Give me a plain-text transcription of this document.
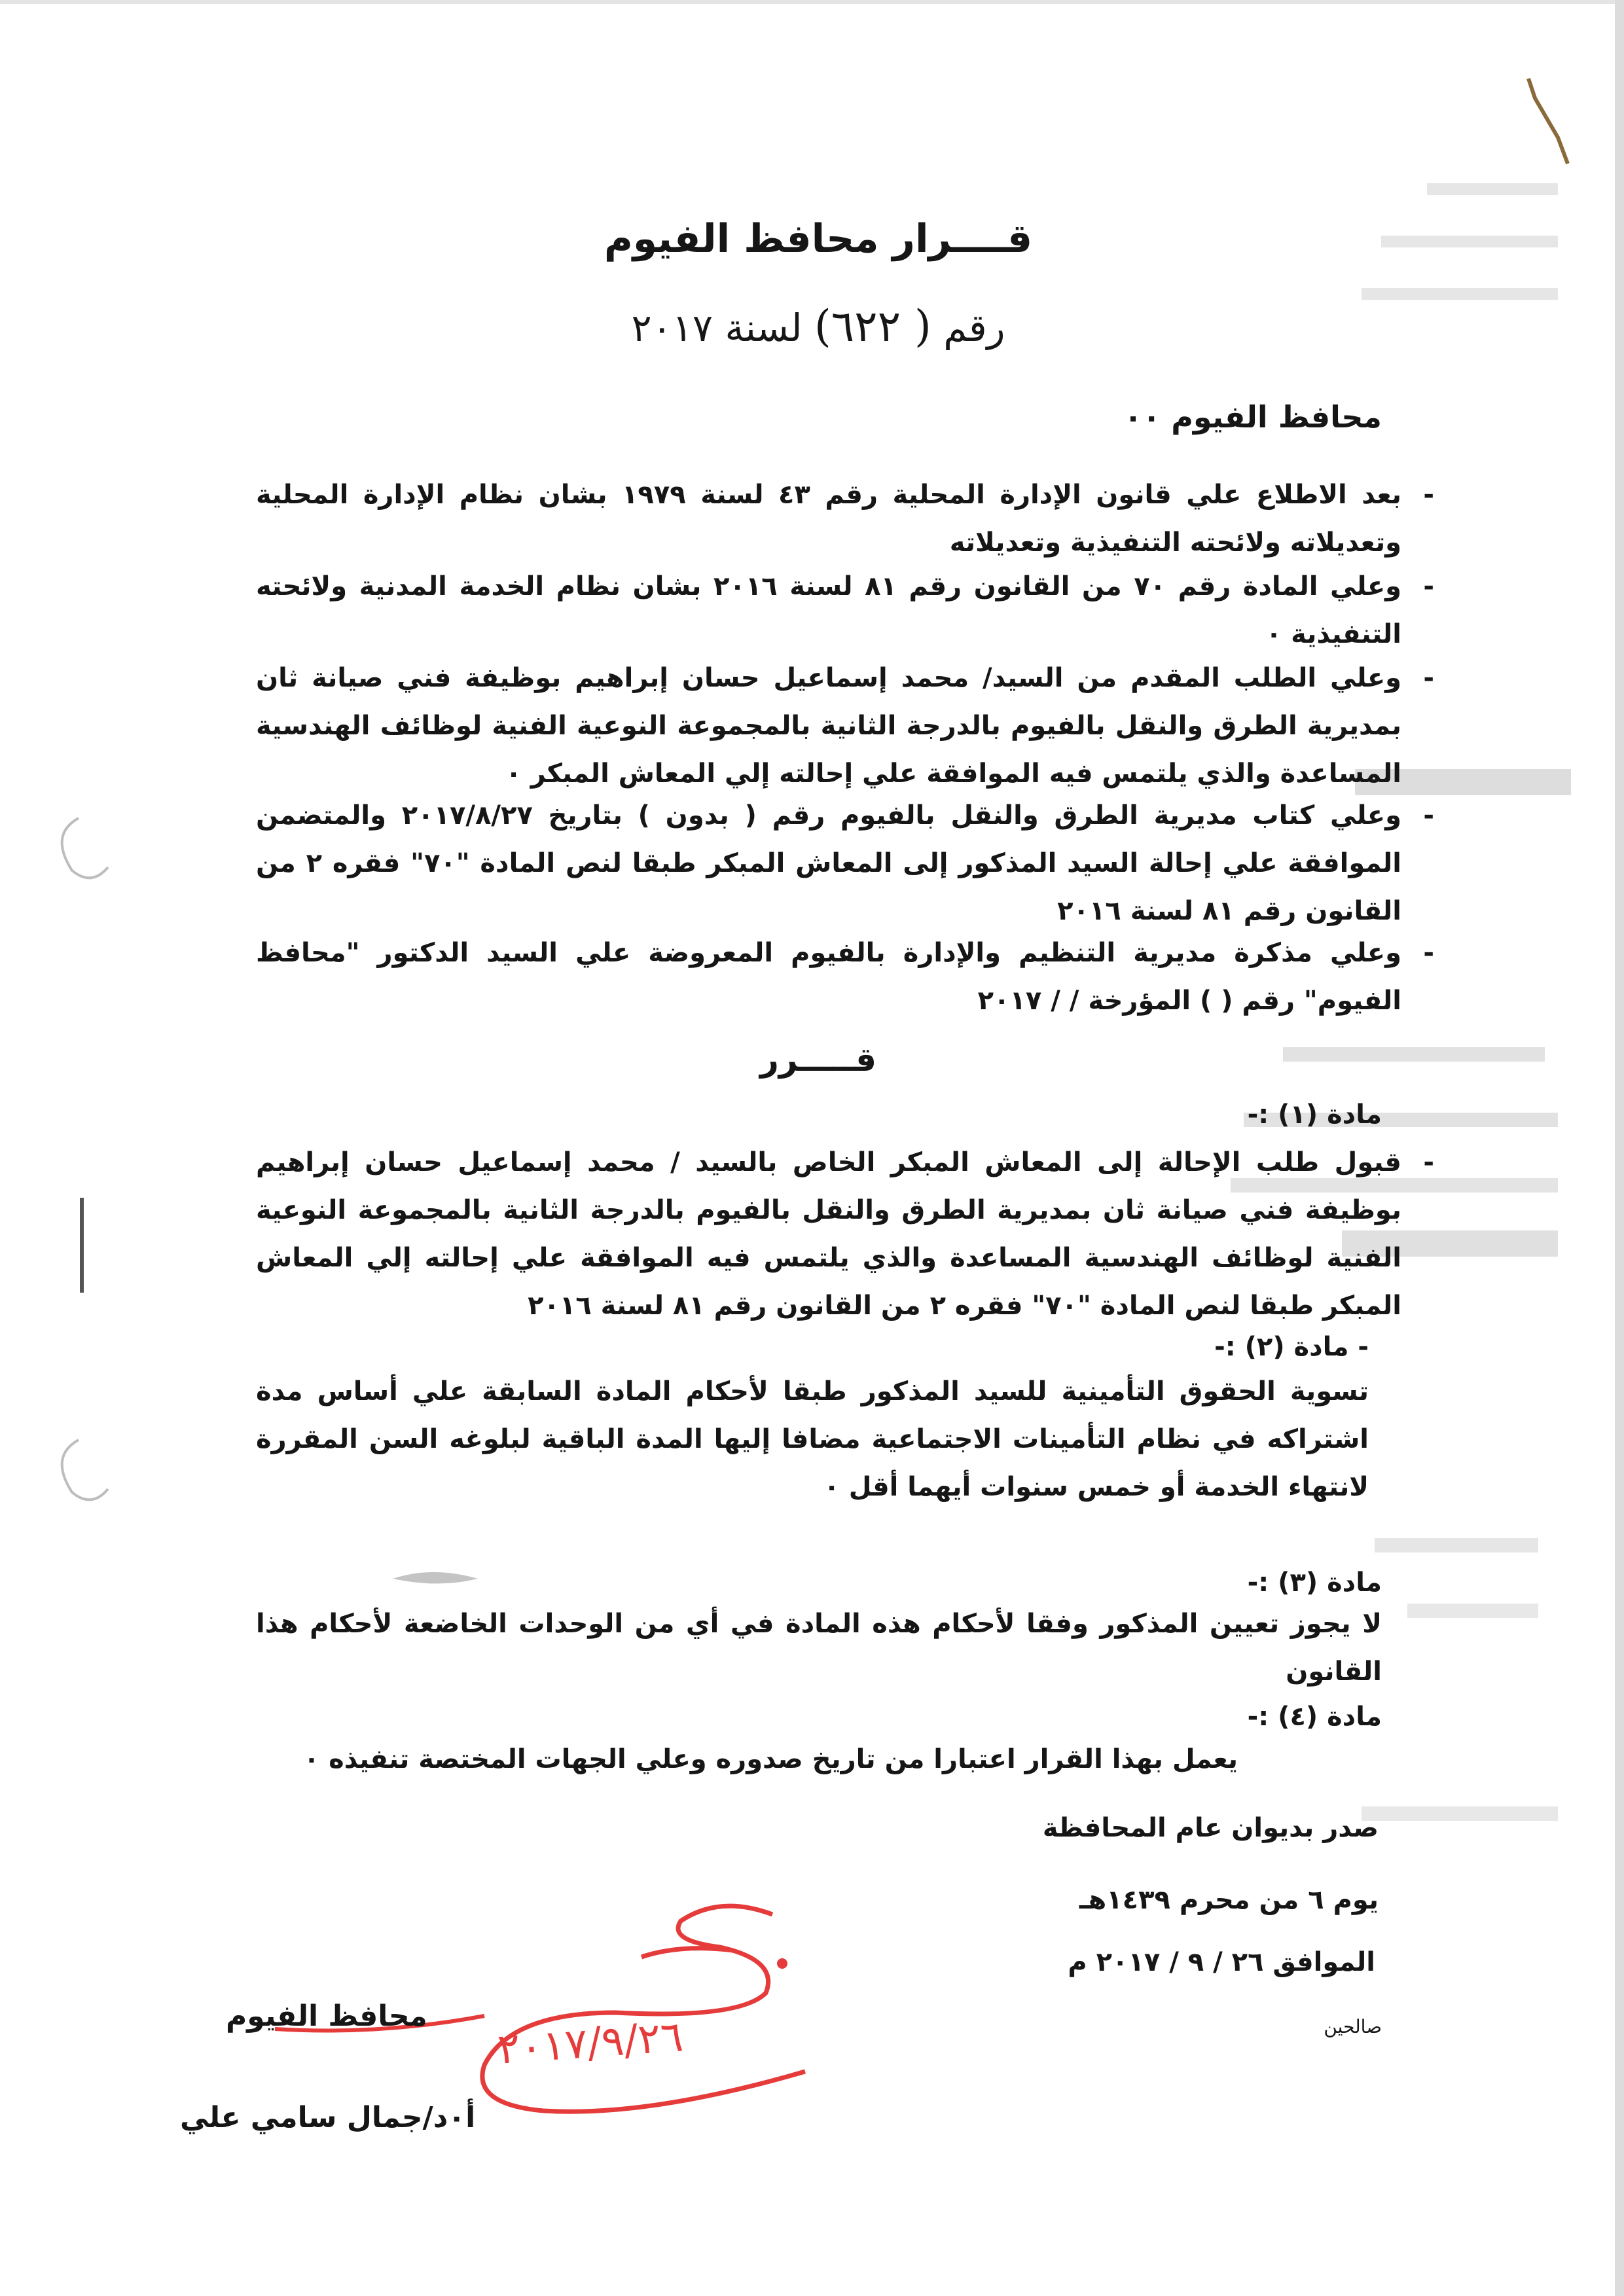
قــــرار محافظ الفيوم
رقم ( ٦٢٢) لسنة ٢٠١٧
محافظ الفيوم ٠٠
-
بعد الاطلاع علي قانون الإدارة المحلية رقم ٤٣ لسنة ١٩٧٩ بشان نظام الإدارة المحلية وتعديلاته ولائحته التنفيذية وتعديلاته
-
وعلي المادة رقم ٧٠ من القانون رقم ٨١ لسنة ٢٠١٦ بشان نظام الخدمة المدنية ولائحته التنفيذية ٠
-
وعلي الطلب المقدم من السيد/ محمد إسماعيل حسان إبراهيم بوظيفة فني صيانة ثان بمديرية الطرق والنقل بالفيوم بالدرجة الثانية بالمجموعة النوعية الفنية لوظائف الهندسية المساعدة والذي يلتمس فيه الموافقة علي إحالته إلي المعاش المبكر ٠
-
وعلي كتاب مديرية الطرق والنقل بالفيوم رقم ( بدون ) بتاريخ ٢٠١٧/٨/٢٧ والمتضمن الموافقة علي إحالة السيد المذكور إلى المعاش المبكر طبقا لنص المادة "٧٠" فقره ٢ من القانون رقم ٨١ لسنة ٢٠١٦
-
وعلي مذكرة مديرية التنظيم والإدارة بالفيوم المعروضة علي السيد الدكتور "محافظ الفيوم" رقم ( ) المؤرخة / / ٢٠١٧
قـــــرر
مادة (١) :-
-
قبول طلب الإحالة إلى المعاش المبكر الخاص بالسيد / محمد إسماعيل حسان إبراهيم بوظيفة فني صيانة ثان بمديرية الطرق والنقل بالفيوم بالدرجة الثانية بالمجموعة النوعية الفنية لوظائف الهندسية المساعدة والذي يلتمس فيه الموافقة علي إحالته إلي المعاش المبكر طبقا لنص المادة "٧٠" فقره ٢ من القانون رقم ٨١ لسنة ٢٠١٦
- مادة (٢) :-
تسوية الحقوق التأمينية للسيد المذكور طبقا لأحكام المادة السابقة علي أساس مدة اشتراكه في نظام التأمينات الاجتماعية مضافا إليها المدة الباقية لبلوغه السن المقررة لانتهاء الخدمة أو خمس سنوات أيهما أقل ٠
مادة (٣) :-
لا يجوز تعيين المذكور وفقا لأحكام هذه المادة في أي من الوحدات الخاضعة لأحكام هذا القانون
مادة (٤) :-
يعمل بهذا القرار اعتبارا من تاريخ صدوره وعلي الجهات المختصة تنفيذه ٠
صدر بديوان عام المحافظة
يوم ٦ من محرم ١٤٣٩هـ
الموافق ٢٦ / ٩ / ٢٠١٧ م
صالحين
٢٠١٧/٩/٢٦
محافظ الفيوم
أ٠د/جمال سامي علي
